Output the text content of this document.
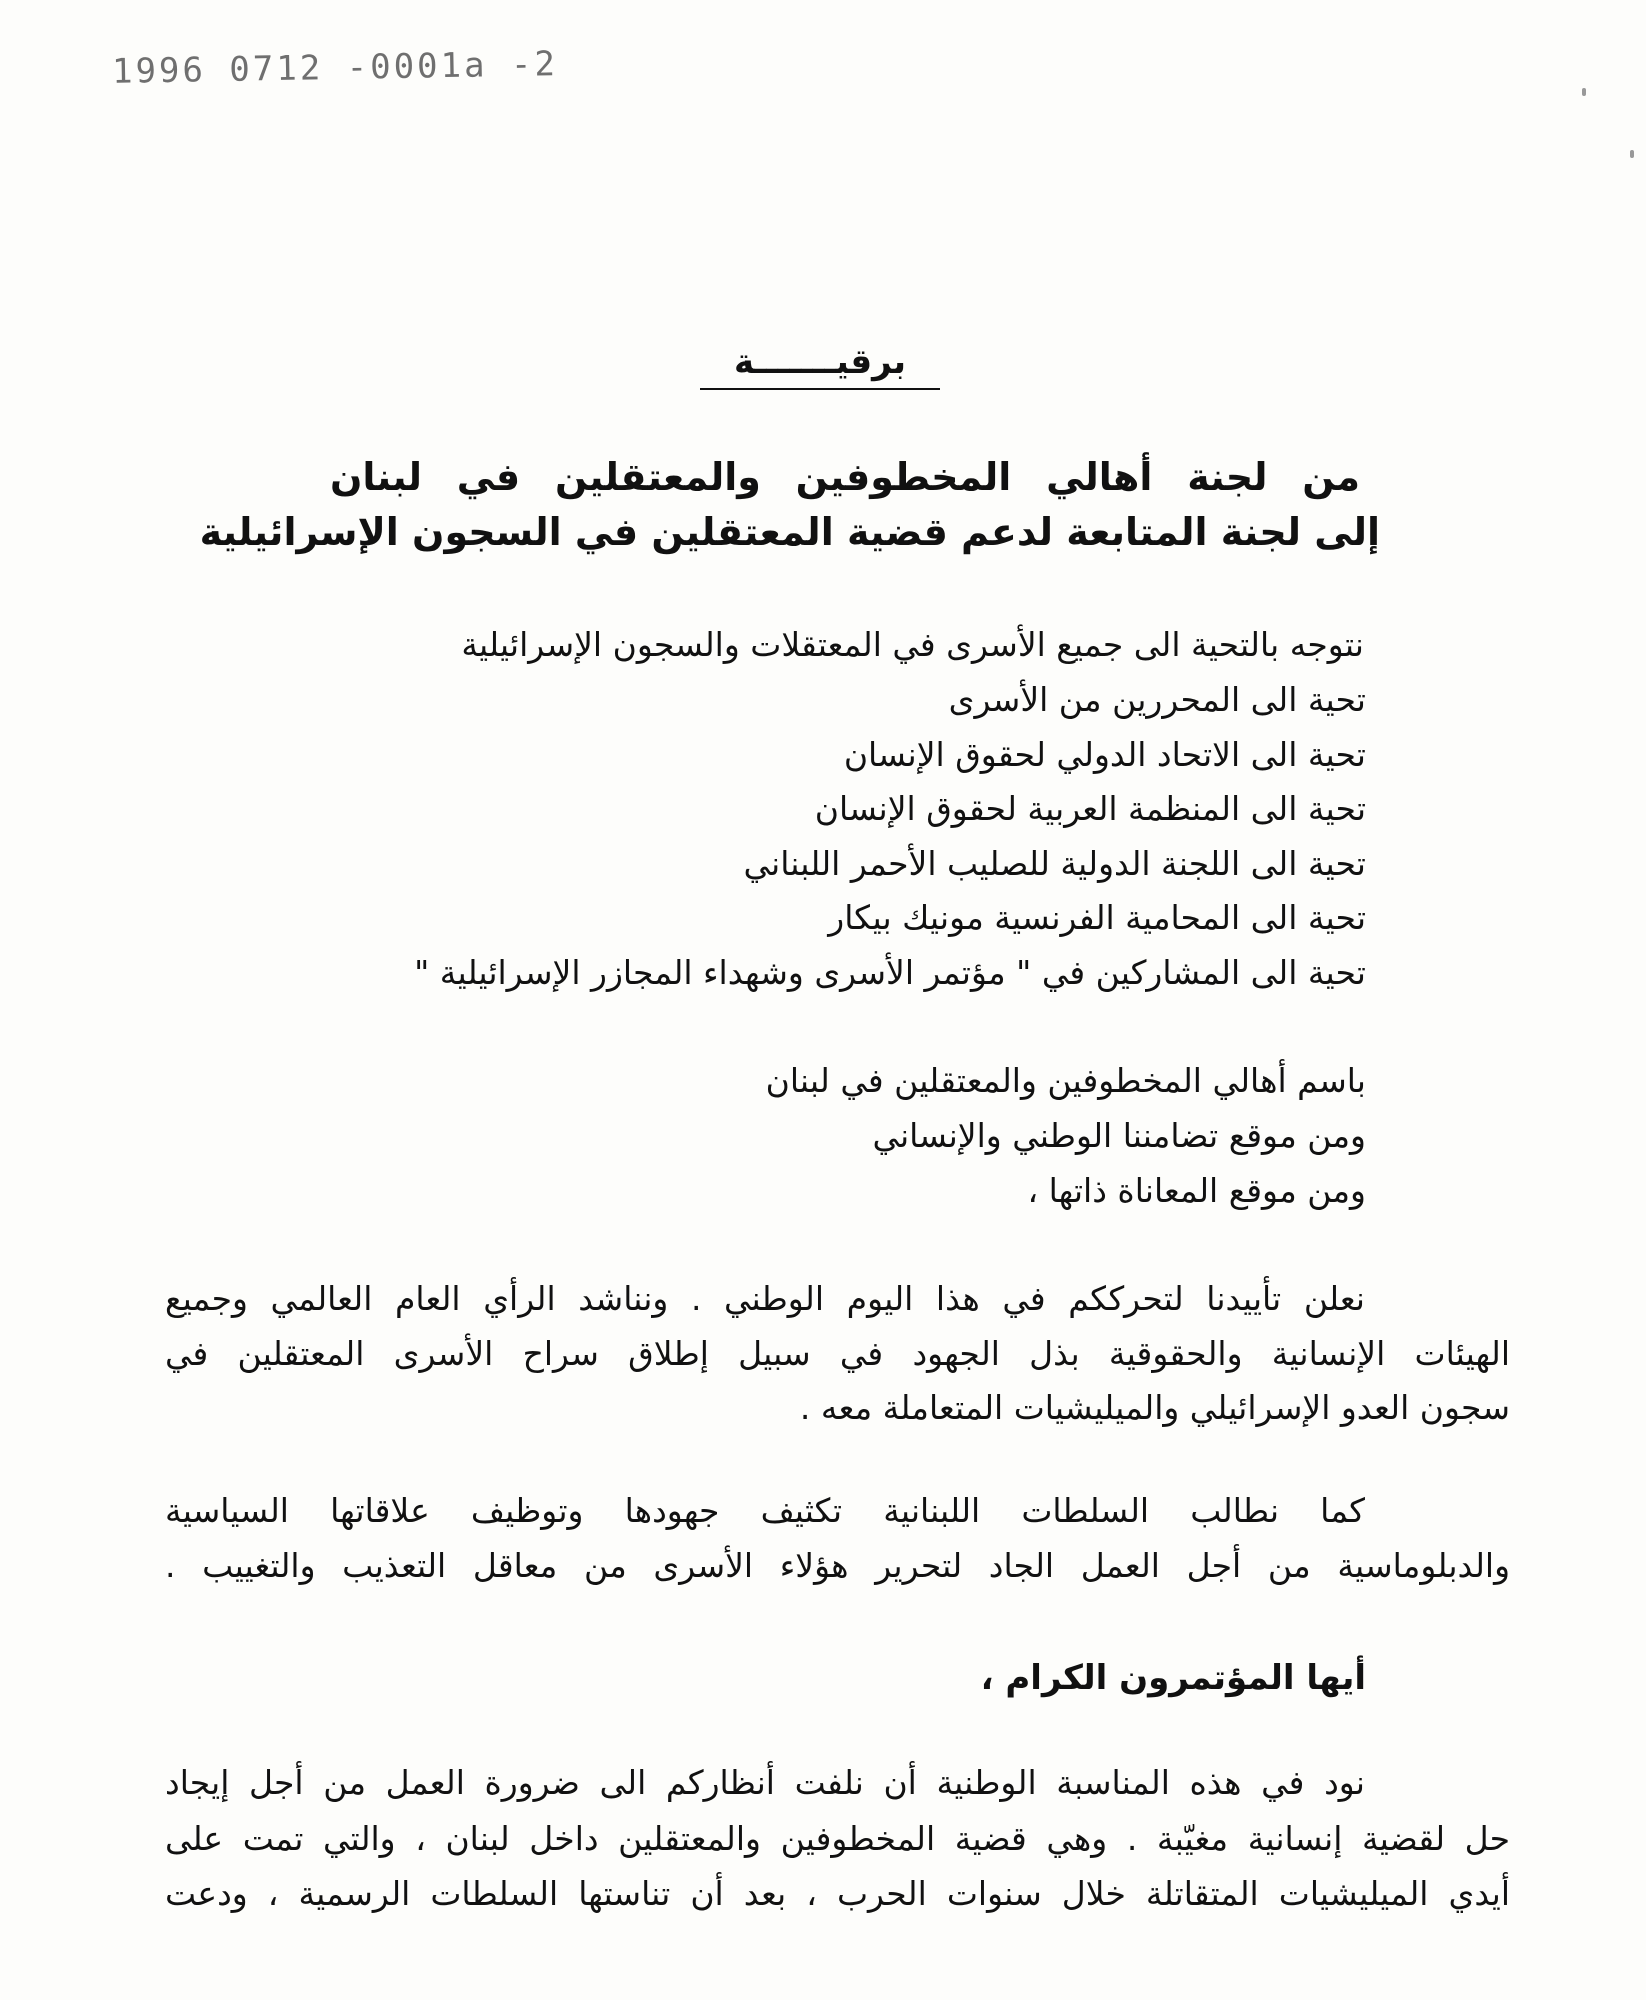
1996 0712 -0001a -2
برقيـــــــة
من لجنة أهالي المخطوفين والمعتقلين في لبنان
إلى لجنة المتابعة لدعم قضية المعتقلين في السجون الإسرائيلية
نتوجه بالتحية الى جميع الأسرى في المعتقلات والسجون الإسرائيلية
تحية الى المحررين من الأسرى
تحية الى الاتحاد الدولي لحقوق الإنسان
تحية الى المنظمة العربية لحقوق الإنسان
تحية الى اللجنة الدولية للصليب الأحمر اللبناني
تحية الى المحامية الفرنسية مونيك بيكار
تحية الى المشاركين في " مؤتمر الأسرى وشهداء المجازر الإسرائيلية "
باسم أهالي المخطوفين والمعتقلين في لبنان
ومن موقع تضامننا الوطني والإنساني
ومن موقع المعاناة ذاتها ،
نعلن تأييدنا لتحرككم في هذا اليوم الوطني . ونناشد الرأي العام العالمي وجميع
الهيئات الإنسانية والحقوقية بذل الجهود في سبيل إطلاق سراح الأسرى المعتقلين في
سجون العدو الإسرائيلي والميليشيات المتعاملة معه .
كما نطالب السلطات اللبنانية تكثيف جهودها وتوظيف علاقاتها السياسية
والدبلوماسية من أجل العمل الجاد لتحرير هؤلاء الأسرى من معاقل التعذيب والتغييب .
أيها المؤتمرون الكرام ،
نود في هذه المناسبة الوطنية أن نلفت أنظاركم الى ضرورة العمل من أجل إيجاد
حل لقضية إنسانية مغيّبة . وهي قضية المخطوفين والمعتقلين داخل لبنان ، والتي تمت على
أيدي الميليشيات المتقاتلة خلال سنوات الحرب ، بعد أن تناستها السلطات الرسمية ، ودعت
